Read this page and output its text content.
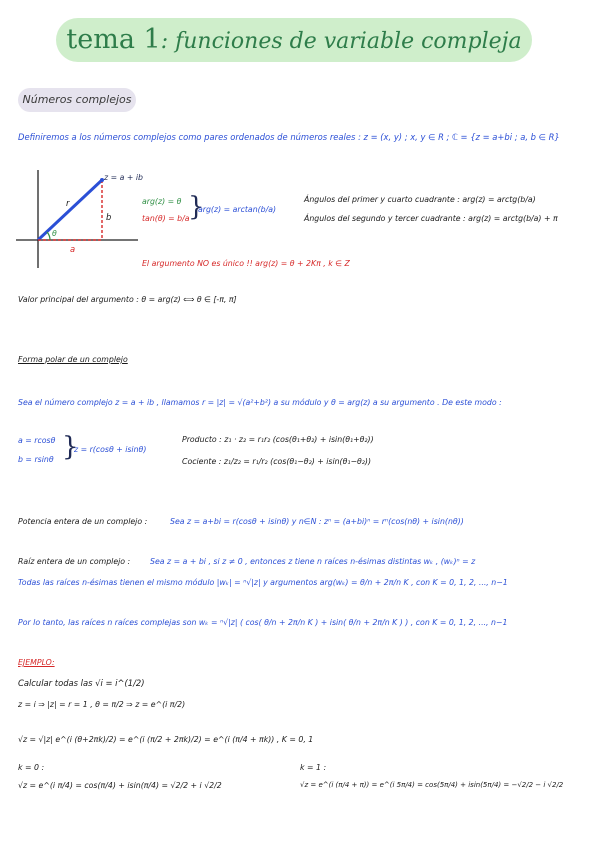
tema 1: funciones de variable compleja
Números complejos
Definiremos a los números complejos como pares ordenados de números reales : z = (x, y) ; x, y ∈ R ; ℂ = {z = a+bi ; a, b ∈ R}
z = a + ib
r
b
a
θ
arg(z) = θ
tan(θ) = b/a
}
arg(z) = arctan(b/a)
Ángulos del primer y cuarto cuadrante : arg(z) = arctg(b/a)
Ángulos del segundo y tercer cuadrante : arg(z) = arctg(b/a) + π
El argumento NO es único !! arg(z) = θ + 2Kπ , k ∈ Z
Valor principal del argumento : θ = arg(z) ⟺ θ ∈ [-π, π]
Forma polar de un complejo
Sea el número complejo z = a + ib , llamamos r = |z| = √(a²+b²) a su módulo y θ = arg(z) a su argumento . De este modo :
a = rcosθ
b = rsinθ }
z = r(cosθ + isinθ)
Producto : z₁ · z₂ = r₁r₂ (cos(θ₁+θ₂) + isin(θ₁+θ₂))
Cociente : z₁/z₂ = r₁/r₂ (cos(θ₁−θ₂) + isin(θ₁−θ₂))
Potencia entera de un complejo :	Sea z = a+bi = r(cosθ + isinθ) y n∈N : zⁿ = (a+bi)ⁿ = rⁿ(cos(nθ) + isin(nθ))
Raíz entera de un complejo :	Sea z = a + bi , si z ≠ 0 , entonces z tiene n raíces n-ésimas distintas wₖ , (wₖ)ⁿ = z
Todas las raíces n-ésimas tienen el mismo módulo |wₖ| = ⁿ√|z| y argumentos arg(wₖ) = θ/n + 2π/n K , con K = 0, 1, 2, ..., n−1
Por lo tanto, las raíces n raíces complejas son wₖ = ⁿ√|z| ( cos( θ/n + 2π/n K ) + isin( θ/n + 2π/n K ) ) , con K = 0, 1, 2, ..., n−1
EJEMPLO:
Calcular todas las √i = i^(1/2)
z = i ⇒ |z| = r = 1 , θ = π/2 ⇒ z = e^(i π/2)
√z = √|z| e^(i (θ+2πk)/2) = e^(i (π/2 + 2πk)/2) = e^(i (π/4 + πk)) , K = 0, 1
k = 0 :
√z = e^(i π/4) = cos(π/4) + isin(π/4) = √2/2 + i √2/2
k = 1 :
√z = e^(i (π/4 + π)) = e^(i 5π/4) = cos(5π/4) + isin(5π/4) = −√2/2 − i √2/2
